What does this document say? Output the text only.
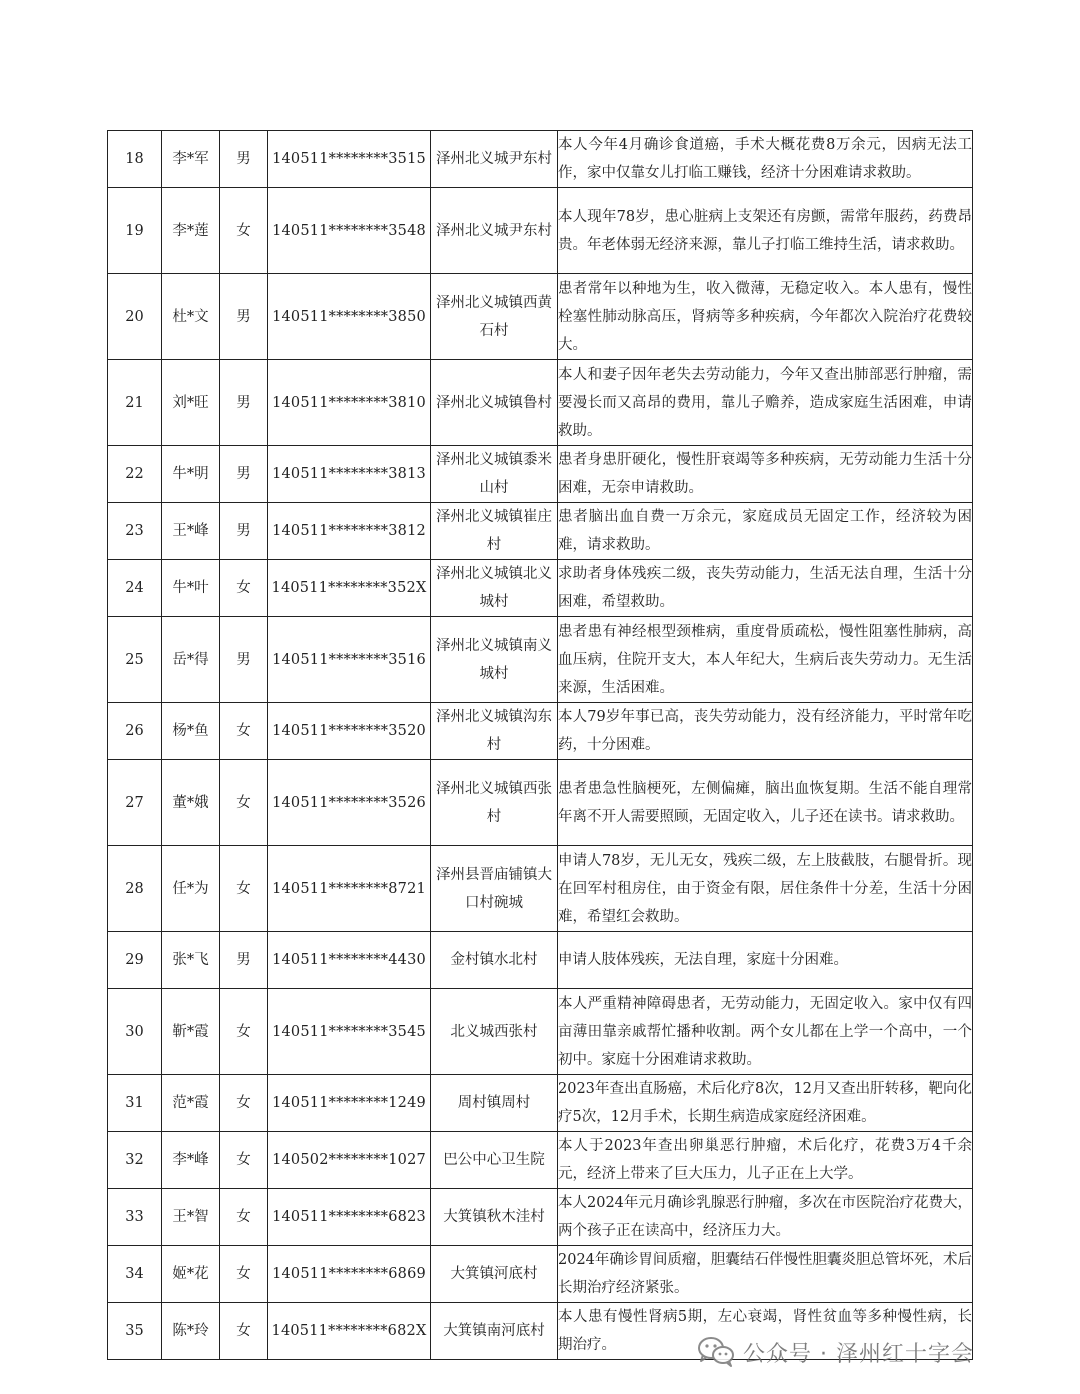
18	李*军	男	140511********3515	泽州北义城尹东村	本人今年4月确诊食道癌，手术大概花费8万余元，因病无法工作，家中仅靠女儿打临工赚钱，经济十分困难请求救助。
19	李*莲	女	140511********3548	泽州北义城尹东村	本人现年78岁，患心脏病上支架还有房颤，需常年服药，药费昂贵。年老体弱无经济来源，靠儿子打临工维持生活，请求救助。
20	杜*文	男	140511********3850	泽州北义城镇西黄石村	患者常年以种地为生，收入微薄，无稳定收入。本人患有，慢性栓塞性肺动脉高压，肾病等多种疾病，今年都次入院治疗花费较大。
21	刘*旺	男	140511********3810	泽州北义城镇鲁村	本人和妻子因年老失去劳动能力，今年又查出肺部恶行肿瘤，需要漫长而又高昂的费用，靠儿子赡养，造成家庭生活困难，申请救助。
22	牛*明	男	140511********3813	泽州北义城镇黍米山村	患者身患肝硬化，慢性肝衰竭等多种疾病，无劳动能力生活十分困难，无奈申请救助。
23	王*峰	男	140511********3812	泽州北义城镇崔庄村	患者脑出血自费一万余元，家庭成员无固定工作，经济较为困难，请求救助。
24	牛*叶	女	140511********352X	泽州北义城镇北义城村	求助者身体残疾二级，丧失劳动能力，生活无法自理，生活十分困难，希望救助。
25	岳*得	男	140511********3516	泽州北义城镇南义城村	患者患有神经根型颈椎病，重度骨质疏松，慢性阻塞性肺病，高血压病，住院开支大，本人年纪大，生病后丧失劳动力。无生活来源，生活困难。
26	杨*鱼	女	140511********3520	泽州北义城镇沟东村	本人79岁年事已高，丧失劳动能力，没有经济能力，平时常年吃药，十分困难。
27	董*娥	女	140511********3526	泽州北义城镇西张村	患者患急性脑梗死，左侧偏瘫，脑出血恢复期。生活不能自理常年离不开人需要照顾，无固定收入，儿子还在读书。请求救助。
28	任*为	女	140511********8721	泽州县晋庙铺镇大口村碗城	申请人78岁，无儿无女，残疾二级，左上肢截肢，右腿骨折。现在回军村租房住，由于资金有限，居住条件十分差，生活十分困难，希望红会救助。
29	张*飞	男	140511********4430	金村镇水北村	申请人肢体残疾，无法自理，家庭十分困难。
30	靳*霞	女	140511********3545	北义城西张村	本人严重精神障碍患者，无劳动能力，无固定收入。家中仅有四亩薄田靠亲戚帮忙播种收割。两个女儿都在上学一个高中，一个初中。家庭十分困难请求救助。
31	范*霞	女	140511********1249	周村镇周村	2023年查出直肠癌，术后化疗8次，12月又查出肝转移，靶向化疗5次，12月手术，长期生病造成家庭经济困难。
32	李*峰	女	140502********1027	巴公中心卫生院	本人于2023年查出卵巢恶行肿瘤，术后化疗，花费3万4千余元，经济上带来了巨大压力，儿子正在上大学。
33	王*智	女	140511********6823	大箕镇秋木洼村	本人2024年元月确诊乳腺恶行肿瘤，多次在市医院治疗花费大，两个孩子正在读高中，经济压力大。
34	姬*花	女	140511********6869	大箕镇河底村	2024年确诊胃间质瘤，胆囊结石伴慢性胆囊炎胆总管坏死，术后长期治疗经济紧张。
35	陈*玲	女	140511********682X	大箕镇南河底村	本人患有慢性肾病5期，左心衰竭，肾性贫血等多种慢性病，长期治疗。	公众号 · 泽州红十字会
